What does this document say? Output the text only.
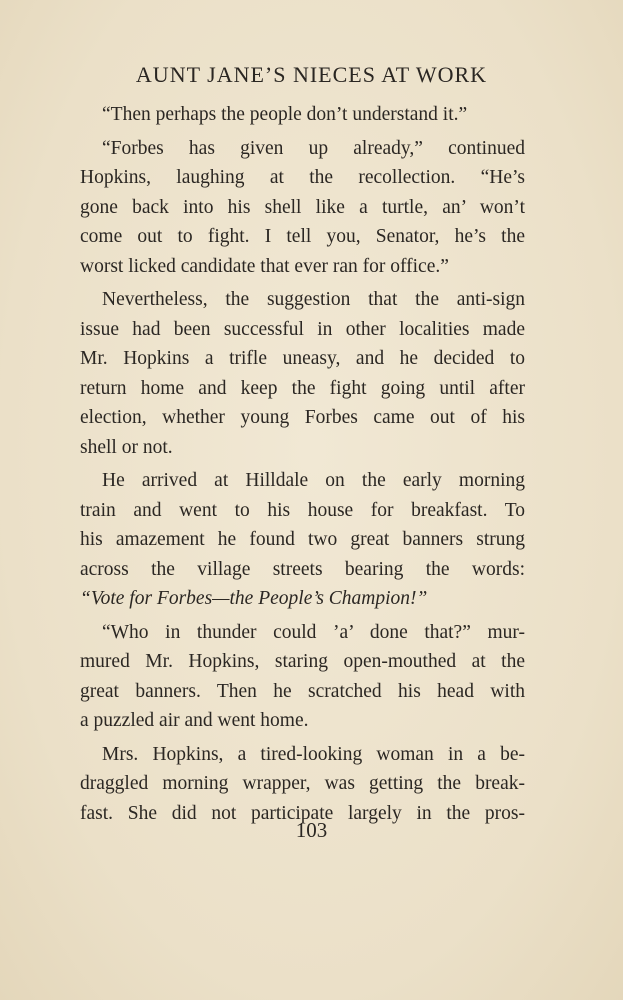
AUNT JANE’S NIECES AT WORK
“Then perhaps the people don’t understand it.”
“Forbes has given up already,” continued
Hopkins, laughing at the recollection. “He’s
gone back into his shell like a turtle, an’ won’t
come out to fight. I tell you, Senator, he’s the
worst licked candidate that ever ran for office.”
Nevertheless, the suggestion that the anti-sign
issue had been successful in other localities made
Mr. Hopkins a trifle uneasy, and he decided to
return home and keep the fight going until after
election, whether young Forbes came out of his
shell or not.
He arrived at Hilldale on the early morning
train and went to his house for breakfast. To
his amazement he found two great banners strung
across the village streets bearing the words:
“Vote for Forbes—the People’s Champion!”
“Who in thunder could ’a’ done that?” mur-
mured Mr. Hopkins, staring open-mouthed at the
great banners. Then he scratched his head with
a puzzled air and went home.
Mrs. Hopkins, a tired-looking woman in a be-
draggled morning wrapper, was getting the break-
fast. She did not participate largely in the pros-
103
